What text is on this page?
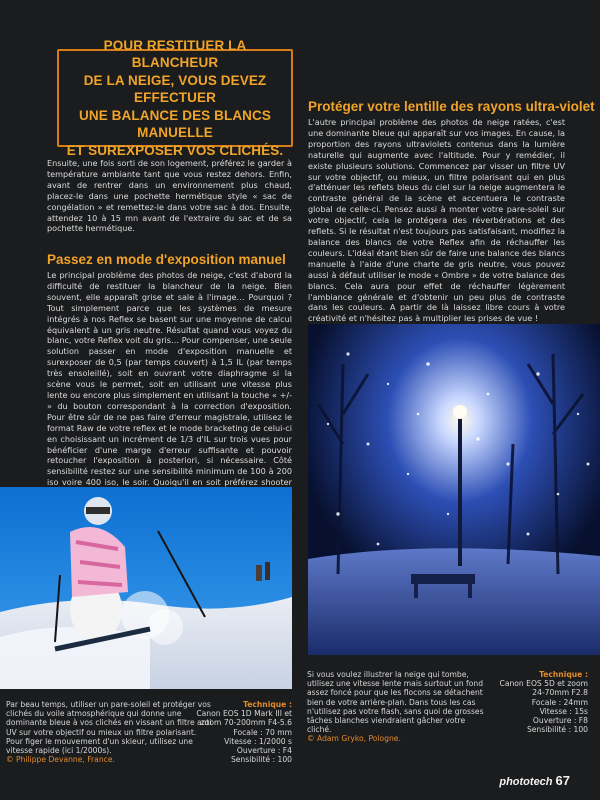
POUR RESTITUER LA BLANCHEUR
DE LA NEIGE, VOUS DEVEZ EFFECTUER
UNE BALANCE DES BLANCS MANUELLE
ET SUREXPOSER VOS CLICHÉS.

Ensuite, une fois sorti de son logement, préférez le garder à température ambiante tant que vous restez dehors. Enfin, avant de rentrer dans un environnement plus chaud, placez-le dans une pochette hermétique style « sac de congélation » et remettez-le dans votre sac à dos. Ensuite, attendez 10 à 15 mn avant de l'extraire du sac et de sa pochette hermétique.

Passez en mode d'exposition manuel

Le principal problème des photos de neige, c'est d'abord la difficulté de restituer la blancheur de la neige. Bien souvent, elle apparaît grise et sale à l'image… Pourquoi ? Tout simplement parce que les systèmes de mesure intégrés à nos Reflex se basent sur une moyenne de calcul équivalent à un gris neutre. Résultat quand vous voyez du blanc, votre Reflex voit du gris… Pour compenser, une seule solution passer en mode d'exposition manuelle et surexposer de 0,5 (par temps couvert) à 1,5 IL (par temps très ensoleillé), soit en ouvrant votre diaphragme si la scène vous le permet, soit en utilisant une vitesse plus lente ou encore plus simplement en utilisant la touche « +/- » du bouton correspondant à la correction d'exposition. Pour être sûr de ne pas faire d'erreur magistrale, utilisez le format Raw de votre reflex et le mode bracketing de celui-ci en choisissant un incrément de 1/3 d'IL sur trois vues pour bénéficier d'une marge d'erreur suffisante et pouvoir retoucher l'exposition à posteriori, si nécessaire. Côté sensibilité restez sur une sensibilité minimum de 100 à 200 iso voire 400 iso, le soir. Quoiqu'il en soit préférez shooter

Protéger votre lentille des rayons ultra-violet

L'autre principal problème des photos de neige ratées, c'est une dominante bleue qui apparaît sur vos images. En cause, la proportion des rayons ultraviolets contenus dans la lumière naturelle qui augmente avec l'altitude. Pour y remédier, il existe plusieurs solutions. Commencez par visser un filtre UV sur votre objectif, ou mieux, un filtre polarisant qui en plus d'atténuer les reflets bleus du ciel sur la neige augmentera le contraste général de la scène et accentuera le contraste global de celle-ci. Pensez aussi à monter votre pare-soleil sur votre objectif, cela le protégera des réverbérations et des reflets. Si le résultat n'est toujours pas satisfaisant, modifiez la balance des blancs de votre Reflex afin de réchauffer les couleurs. L'idéal étant bien sûr de faire une balance des blancs manuelle à l'aide d'une charte de gris neutre, vous pouvez aussi à défaut utiliser le mode « Ombre » de votre balance des blancs. Cela aura pour effet de réchauffer légèrement l'ambiance générale et d'obtenir un peu plus de contraste dans les couleurs. A partir de là laissez libre cours à votre créativité et n'hésitez pas à multiplier les prises de vue !

Par beau temps, utiliser un pare-soleil et protéger vos clichés du voile atmosphérique qui donne une dominante bleue à vos clichés en vissant un filtre anti UV sur votre objectif ou mieux un filtre polarisant. Pour figer le mouvement d'un skieur, utilisez une vitesse rapide (ici 1/2000s).
© Philippe Devanne, France.
Technique :
Canon EOS 1D Mark III et
zoom 70-200mm F4-5.6
Focale : 70 mm
Vitesse : 1/2000 s
Ouverture : F4
Sensibilité : 100
Si vous voulez illustrer la neige qui tombe, utilisez une vitesse lente mais surtout un fond assez foncé pour que les flocons se détachent bien de votre arrière-plan. Dans tous les cas n'utilisez pas votre flash, sans quoi de grosses tâches blanches viendraient gâcher votre cliché.
© Adam Gryko, Pologne.
Technique :
Canon EOS 5D et zoom
24-70mm F2.8
Focale : 24mm
Vitesse : 15s
Ouverture : F8
Sensibilité : 100
phototech 67
